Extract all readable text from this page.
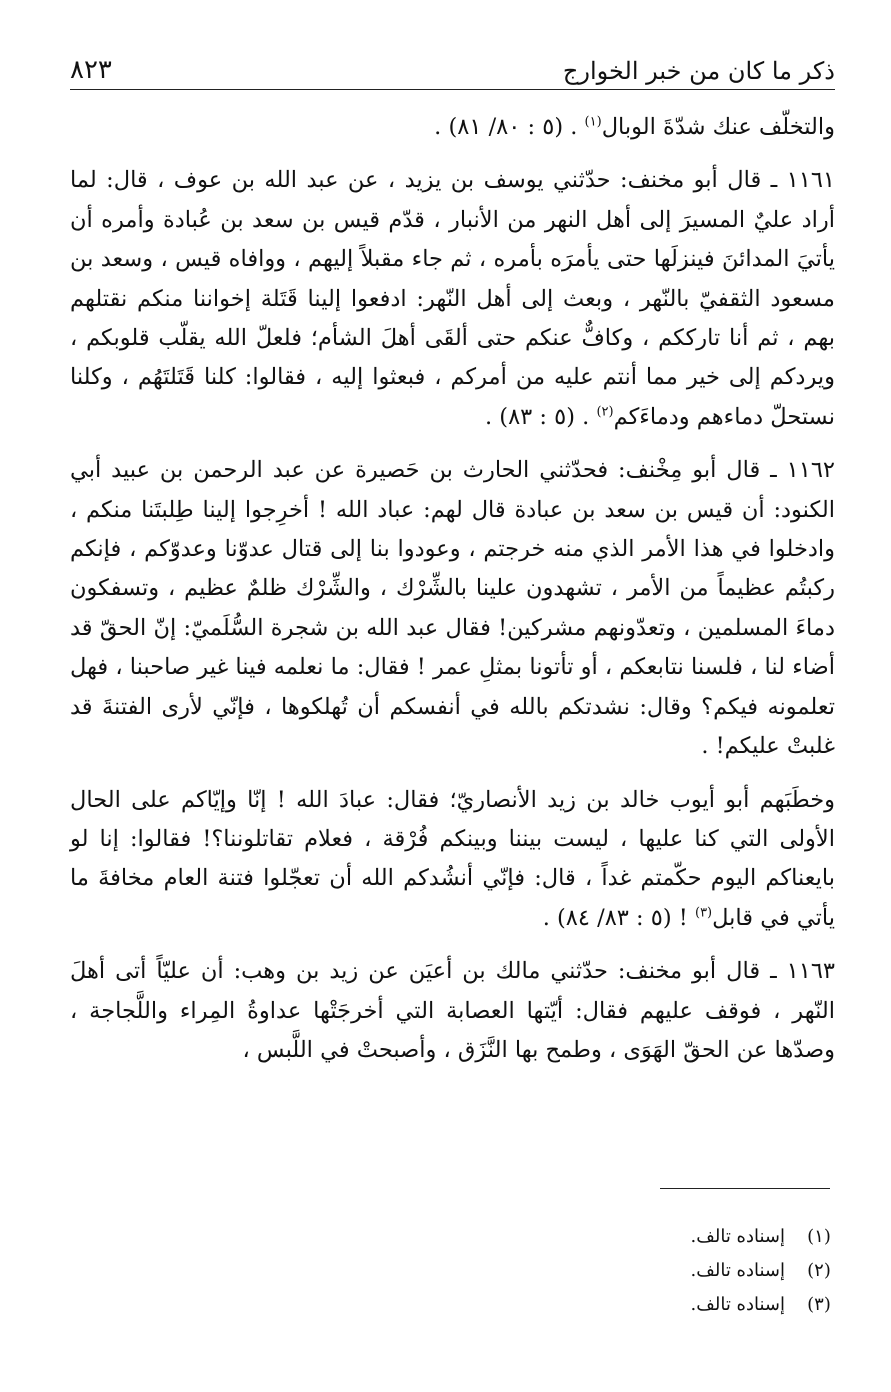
ذكر ما كان من خبر الخوارج
٨٢٣

والتخلّف عنك شدّةَ الوبال$^{(١)}$ . (٥ : ٨٠/ ٨١) .

١١٦١ ـ قال أبو مخنف: حدّثني يوسف بن يزيد ، عن عبد الله بن عوف ، قال: لما أراد عليٌ المسيرَ إلى أهل النهر من الأنبار ، قدّم قيس بن سعد بن عُبادة وأمره أن يأتيَ المدائنَ فينزلَها حتى يأمرَه بأمره ، ثم جاء مقبلاً إليهم ، ووافاه قيس ، وسعد بن مسعود الثقفيّ بالنّهر ، وبعث إلى أهل النّهر: ادفعوا إلينا قَتَلة إخواننا منكم نقتلهم بهم ، ثم أنا تارككم ، وكافٌّ عنكم حتى ألقَى أهلَ الشأم؛ فلعلّ الله يقلّب قلوبكم ، ويردكم إلى خير مما أنتم عليه من أمركم ، فبعثوا إليه ، فقالوا: كلنا قَتَلتَهُم ، وكلنا نستحلّ دماءهم ودماءَكم$^{(٢)}$ . (٥ : ٨٣) .

١١٦٢ ـ قال أبو مِخْنف: فحدّثني الحارث بن حَصيرة عن عبد الرحمن بن عبيد أبي الكنود: أن قيس بن سعد بن عبادة قال لهم: عباد الله ! أخرِجوا إلينا طِلبتَنا منكم ، وادخلوا في هذا الأمر الذي منه خرجتم ، وعودوا بنا إلى قتال عدوّنا وعدوّكم ، فإنكم ركبتُم عظيماً من الأمر ، تشهدون علينا بالشِّرْك ، والشِّرْك ظلمٌ عظيم ، وتسفكون دماءَ المسلمين ، وتعدّونهم مشركين! فقال عبد الله بن شجرة السُّلَميّ: إنّ الحقّ قد أضاء لنا ، فلسنا نتابعكم ، أو تأتونا بمثلِ عمر ! فقال: ما نعلمه فينا غير صاحبنا ، فهل تعلمونه فيكم؟ وقال: نشدتكم بالله في أنفسكم أن تُهلكوها ، فإنّي لأرى الفتنةَ قد غلبتْ عليكم! .

وخطَبَهم أبو أيوب خالد بن زيد الأنصاريّ؛ فقال: عبادَ الله ! إنّا وإيّاكم على الحال الأولى التي كنا عليها ، ليست بيننا وبينكم فُرْقة ، فعلام تقاتلوننا؟! فقالوا: إنا لو بايعناكم اليوم حكّمتم غداً ، قال: فإنّي أنشُدكم الله أن تعجّلوا فتنة العام مخافةَ ما يأتي في قابل$^{(٣)}$ ! (٥ : ٨٣/ ٨٤) .

١١٦٣ ـ قال أبو مخنف: حدّثني مالك بن أعيَن عن زيد بن وهب: أن عليّاً أتى أهلَ النّهر ، فوقف عليهم فقال: أيّتها العصابة التي أخرجَتْها عداوةُ المِراء واللَّجاجة ، وصدّها عن الحقّ الهَوَى ، وطمح بها النَّزَق ، وأصبحتْ في اللَّبس ،

(١)
إسناده تالف.
(٢)
إسناده تالف.
(٣)
إسناده تالف.
